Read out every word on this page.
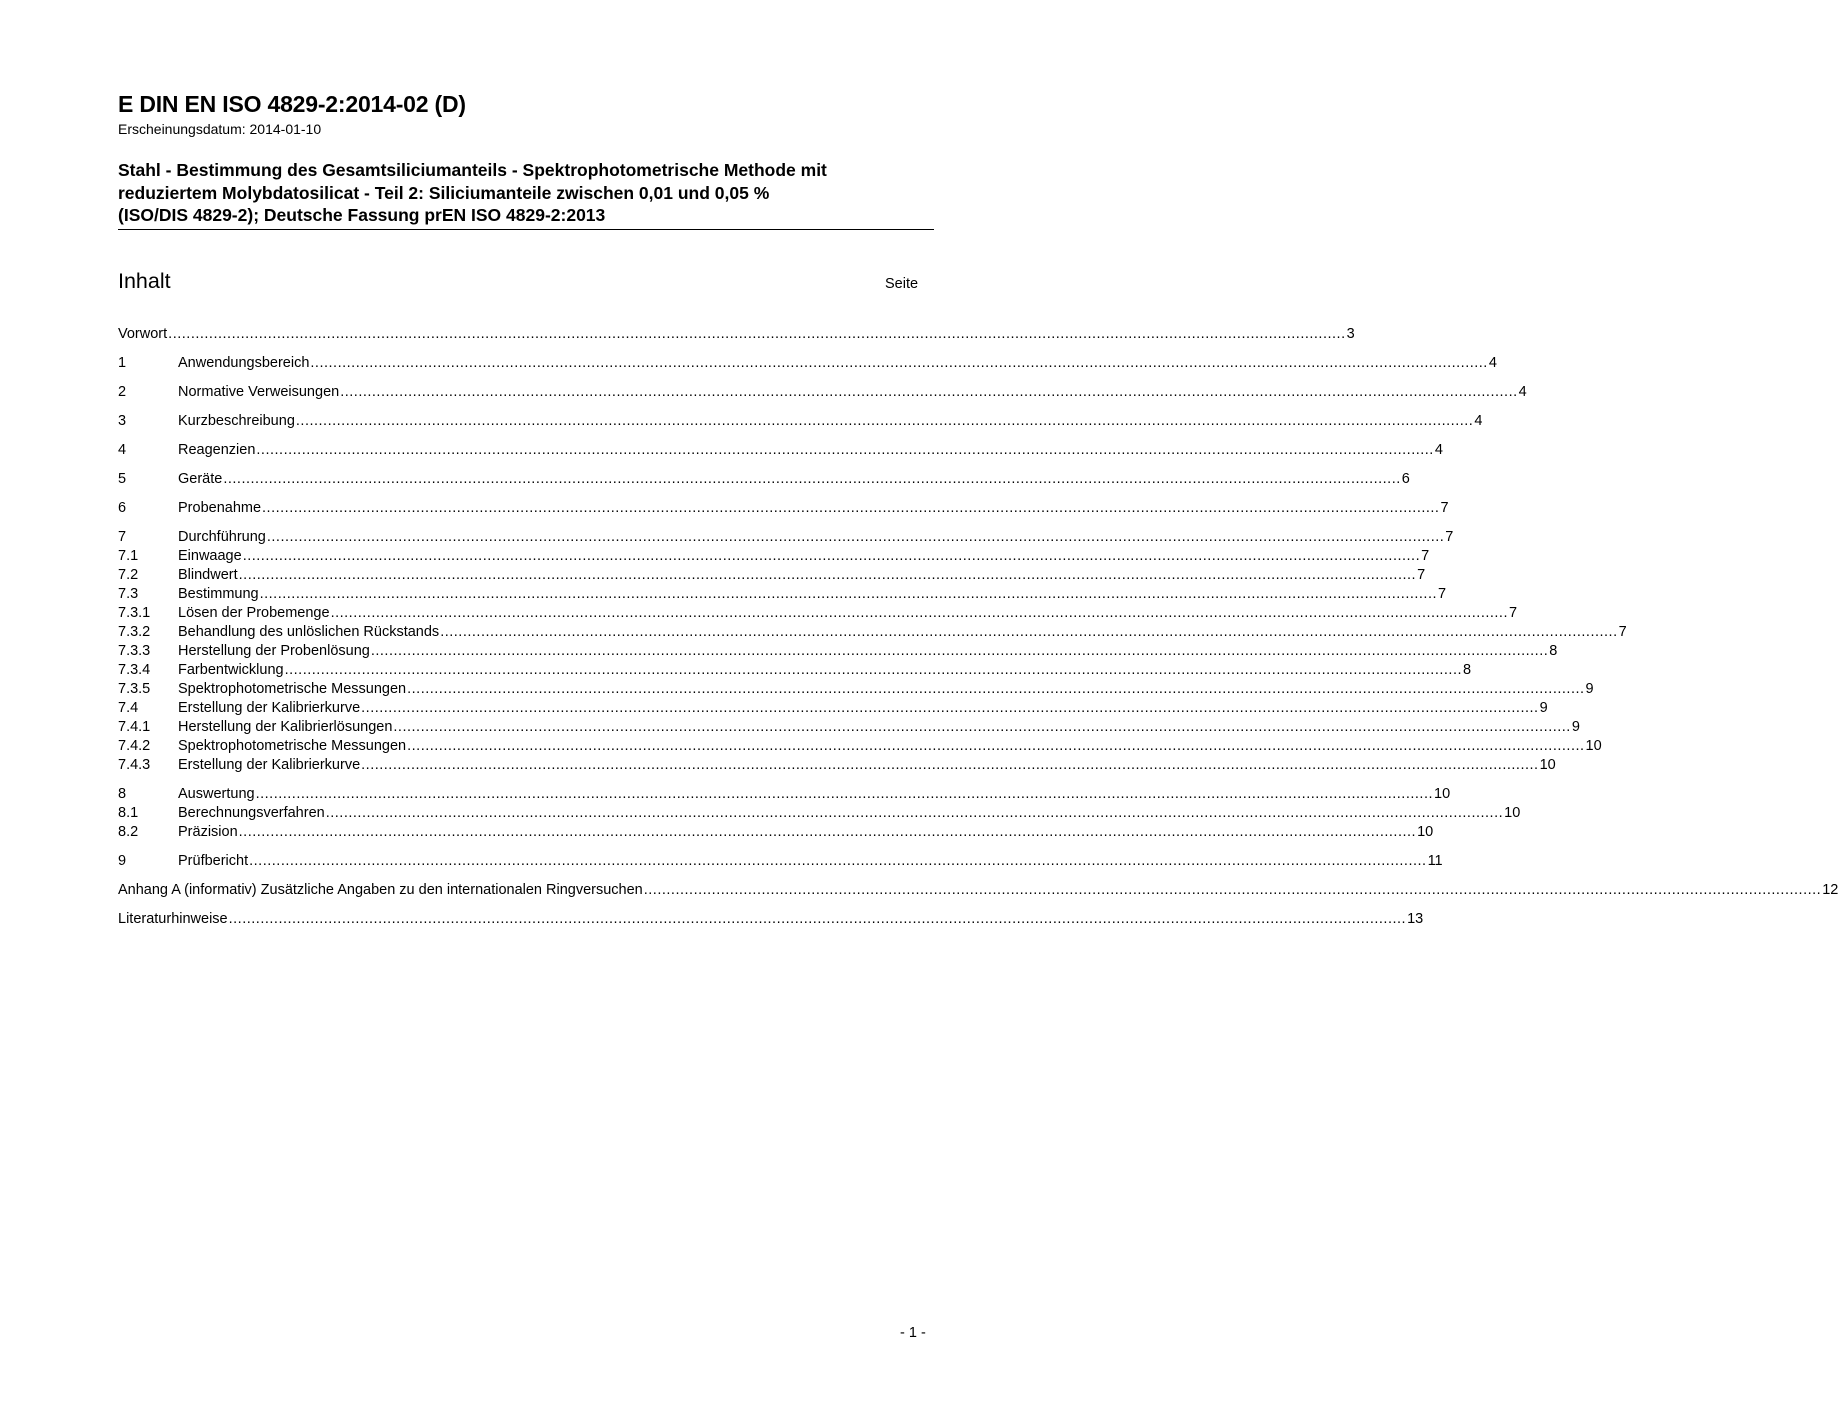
E DIN EN ISO 4829-2:2014-02 (D)
Erscheinungsdatum: 2014-01-10
Stahl - Bestimmung des Gesamtsiliciumanteils - Spektrophotometrische Methode mit
reduziertem Molybdatosilicat - Teil 2: Siliciumanteile zwischen 0,01 und 0,05 %
(ISO/DIS 4829-2); Deutsche Fassung prEN ISO 4829-2:2013
Inhalt	Seite
Vorwort .................................................................................................................................................................................................................................................................... 3
1	Anwendungsbereich .................................................................................................................................................................................................................................................................... 4
2	Normative Verweisungen .................................................................................................................................................................................................................................................................... 4
3	Kurzbeschreibung .................................................................................................................................................................................................................................................................... 4
4	Reagenzien .................................................................................................................................................................................................................................................................... 4
5	Geräte .................................................................................................................................................................................................................................................................... 6
6	Probenahme .................................................................................................................................................................................................................................................................... 7
7	Durchführung .................................................................................................................................................................................................................................................................... 7
7.1	Einwaage .................................................................................................................................................................................................................................................................... 7
7.2	Blindwert .................................................................................................................................................................................................................................................................... 7
7.3	Bestimmung .................................................................................................................................................................................................................................................................... 7
7.3.1	Lösen der Probemenge .................................................................................................................................................................................................................................................................... 7
7.3.2	Behandlung des unlöslichen Rückstands .................................................................................................................................................................................................................................................................... 7
7.3.3	Herstellung der Probenlösung .................................................................................................................................................................................................................................................................... 8
7.3.4	Farbentwicklung .................................................................................................................................................................................................................................................................... 8
7.3.5	Spektrophotometrische Messungen .................................................................................................................................................................................................................................................................... 9
7.4	Erstellung der Kalibrierkurve .................................................................................................................................................................................................................................................................... 9
7.4.1	Herstellung der Kalibrierlösungen .................................................................................................................................................................................................................................................................... 9
7.4.2	Spektrophotometrische Messungen .................................................................................................................................................................................................................................................................... 10
7.4.3	Erstellung der Kalibrierkurve .................................................................................................................................................................................................................................................................... 10
8	Auswertung .................................................................................................................................................................................................................................................................... 10
8.1	Berechnungsverfahren .................................................................................................................................................................................................................................................................... 10
8.2	Präzision .................................................................................................................................................................................................................................................................... 10
9	Prüfbericht .................................................................................................................................................................................................................................................................... 11
Anhang A (informativ) Zusätzliche Angaben zu den internationalen Ringversuchen .................................................................................................................................................................................................................................................................... 12
Literaturhinweise .................................................................................................................................................................................................................................................................... 13
- 1 -
